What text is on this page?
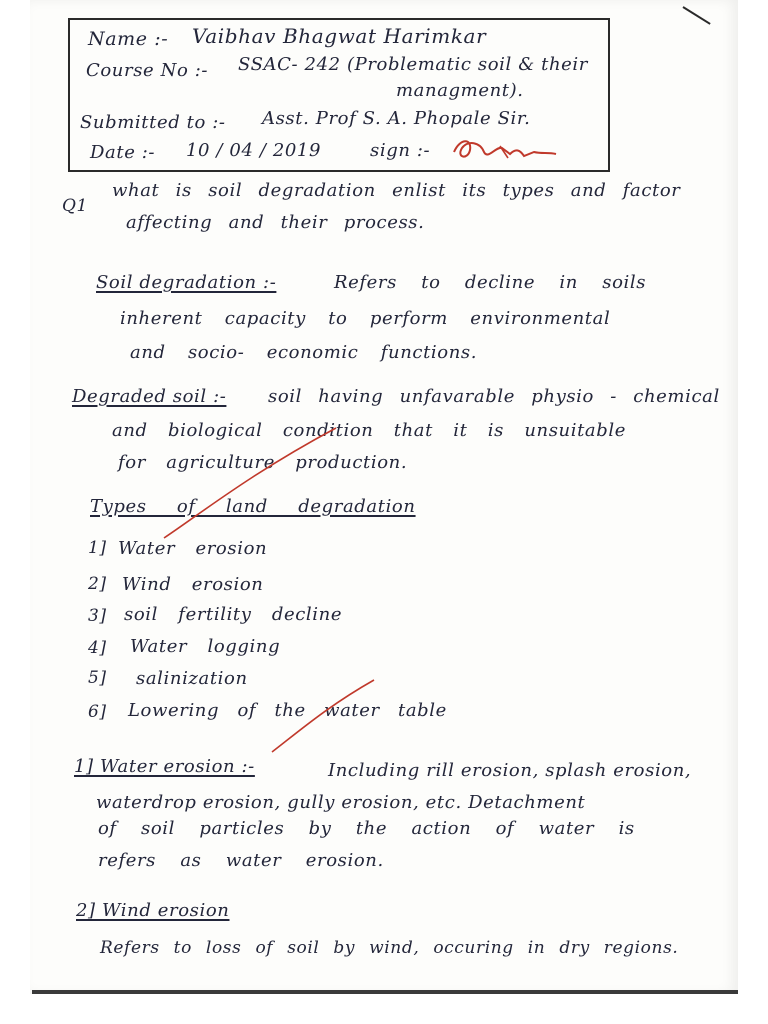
Name :- Vaibhav Bhagwat Harimkar
Course No :- SSAC- 242 (Problematic soil & their
managment).
Submitted to :- Asst. Prof S. A. Phopale Sir.
Date :- 10 / 04 / 2019	sign :-
Q1
what is soil degradation enlist its types and factor
affecting and their process.
Soil degradation :-	Refers to decline in soils
inherent capacity to perform environmental
and socio- economic functions.
Degraded soil :- soil having unfavarable physio - chemical
and biological condition that it is unsuitable
for agriculture production.
Types of land degradation
1] Water erosion
2] Wind erosion
3] soil fertility decline
4] Water logging
5] salinization
6] Lowering of the water table
1] Water erosion :-	Including rill erosion, splash erosion,
waterdrop erosion, gully erosion, etc. Detachment
of soil particles by the action of water is
refers as water erosion.
2] Wind erosion
Refers to loss of soil by wind, occuring in dry regions.
